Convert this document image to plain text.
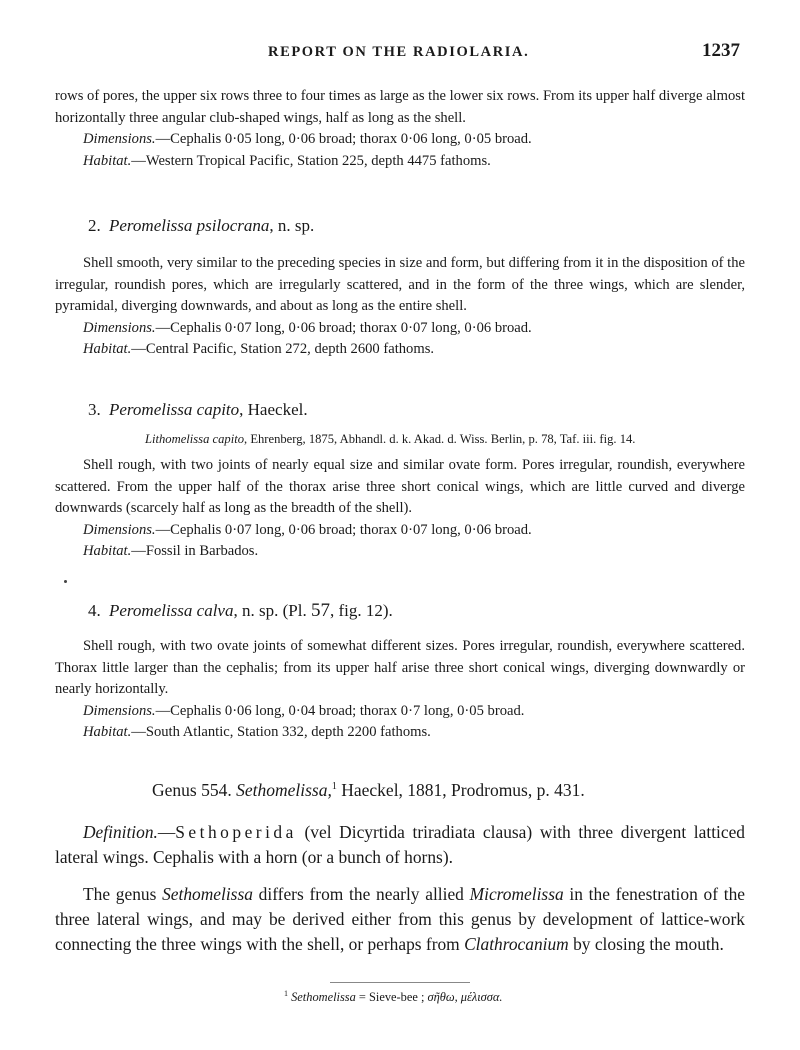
REPORT ON THE RADIOLARIA.	1237

rows of pores, the upper six rows three to four times as large as the lower six rows. From its upper half diverge almost horizontally three angular club-shaped wings, half as long as the shell.

Dimensions.—Cephalis 0·05 long, 0·06 broad; thorax 0·06 long, 0·05 broad.

Habitat.—Western Tropical Pacific, Station 225, depth 4475 fathoms.

2. Peromelissa psilocrana, n. sp.

Shell smooth, very similar to the preceding species in size and form, but differing from it in the disposition of the irregular, roundish pores, which are irregularly scattered, and in the form of the three wings, which are slender, pyramidal, diverging downwards, and about as long as the entire shell.

Dimensions.—Cephalis 0·07 long, 0·06 broad; thorax 0·07 long, 0·06 broad.

Habitat.—Central Pacific, Station 272, depth 2600 fathoms.

3. Peromelissa capito, Haeckel.
Lithomelissa capito, Ehrenberg, 1875, Abhandl. d. k. Akad. d. Wiss. Berlin, p. 78, Taf. iii. fig. 14.

Shell rough, with two joints of nearly equal size and similar ovate form. Pores irregular, roundish, everywhere scattered. From the upper half of the thorax arise three short conical wings, which are little curved and diverge downwards (scarcely half as long as the breadth of the shell).

Dimensions.—Cephalis 0·07 long, 0·06 broad; thorax 0·07 long, 0·06 broad.

Habitat.—Fossil in Barbados.

4. Peromelissa calva, n. sp. (Pl. 57, fig. 12).

Shell rough, with two ovate joints of somewhat different sizes. Pores irregular, roundish, everywhere scattered. Thorax little larger than the cephalis; from its upper half arise three short conical wings, diverging downwardly or nearly horizontally.

Dimensions.—Cephalis 0·06 long, 0·04 broad; thorax 0·7 long, 0·05 broad.

Habitat.—South Atlantic, Station 332, depth 2200 fathoms.

Genus 554. Sethomelissa,$^1$ Haeckel, 1881, Prodromus, p. 431.

Definition.—Sethoperida (vel Dicyrtida triradiata clausa) with three divergent latticed lateral wings. Cephalis with a horn (or a bunch of horns).

The genus Sethomelissa differs from the nearly allied Micromelissa in the fenestration of the three lateral wings, and may be derived either from this genus by development of lattice-work connecting the three wings with the shell, or perhaps from Clathrocanium by closing the mouth.

$^1$ Sethomelissa = Sieve-bee ; σῆθω, μέλισσα.
